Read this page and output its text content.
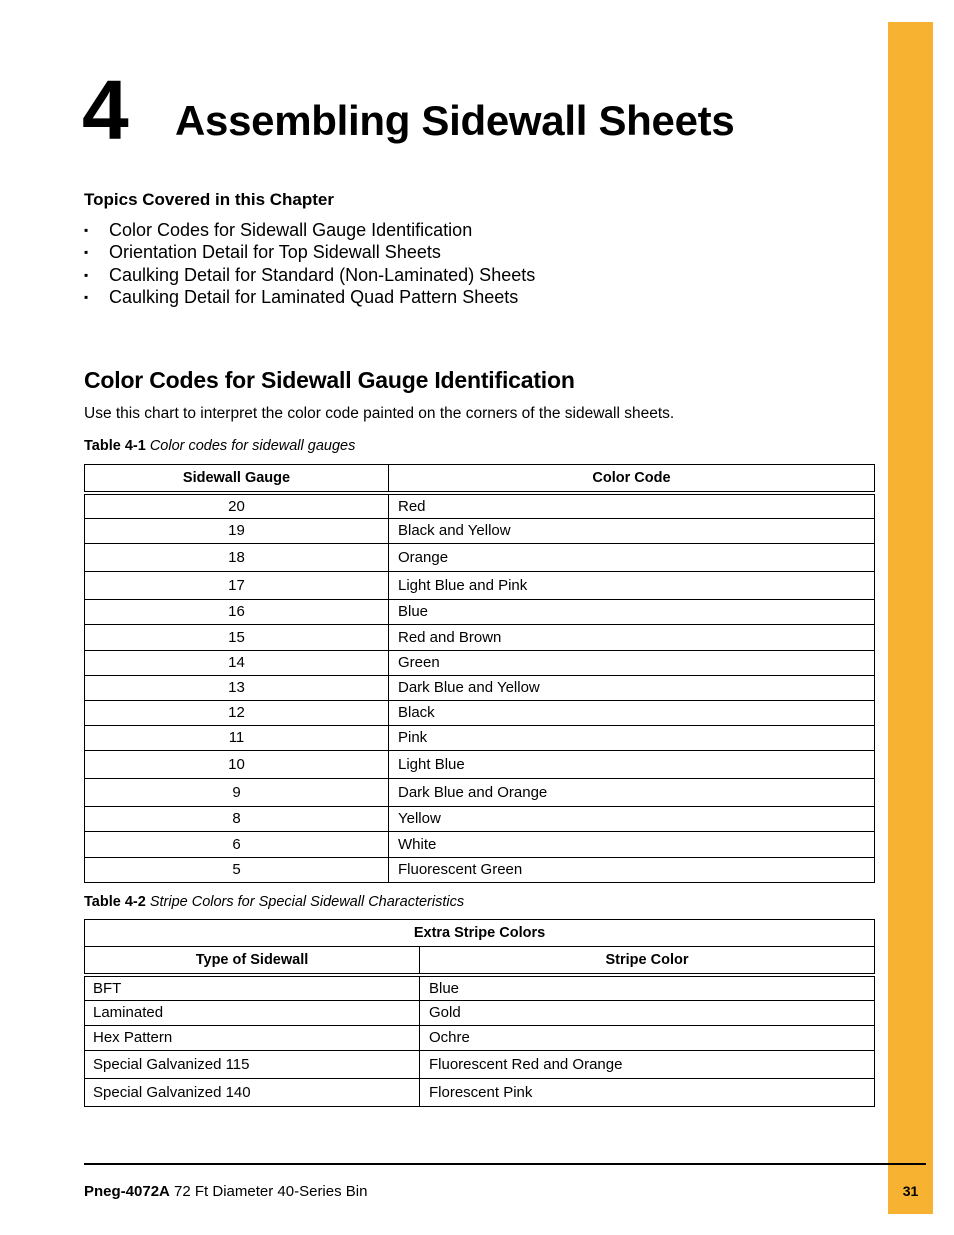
4 Assembling Sidewall Sheets
Topics Covered in this Chapter
▪ Color Codes for Sidewall Gauge Identification
▪ Orientation Detail for Top Sidewall Sheets
▪ Caulking Detail for Standard (Non-Laminated) Sheets
▪ Caulking Detail for Laminated Quad Pattern Sheets
Color Codes for Sidewall Gauge Identification
Use this chart to interpret the color code painted on the corners of the sidewall sheets.
Table 4-1 Color codes for sidewall gauges
Sidewall Gauge	Color Code
20	Red
19	Black and Yellow
18	Orange
17	Light Blue and Pink
16	Blue
15	Red and Brown
14	Green
13	Dark Blue and Yellow
12	Black
11	Pink
10	Light Blue
9	Dark Blue and Orange
8	Yellow
6	White
5	Fluorescent Green
Table 4-2 Stripe Colors for Special Sidewall Characteristics
Extra Stripe Colors	
Type of Sidewall	Stripe Color
BFT	Blue
Laminated	Gold
Hex Pattern	Ochre
Special Galvanized 115	Fluorescent Red and Orange
Special Galvanized 140	Florescent Pink
Pneg-4072A 72 Ft Diameter 40-Series Bin	31
